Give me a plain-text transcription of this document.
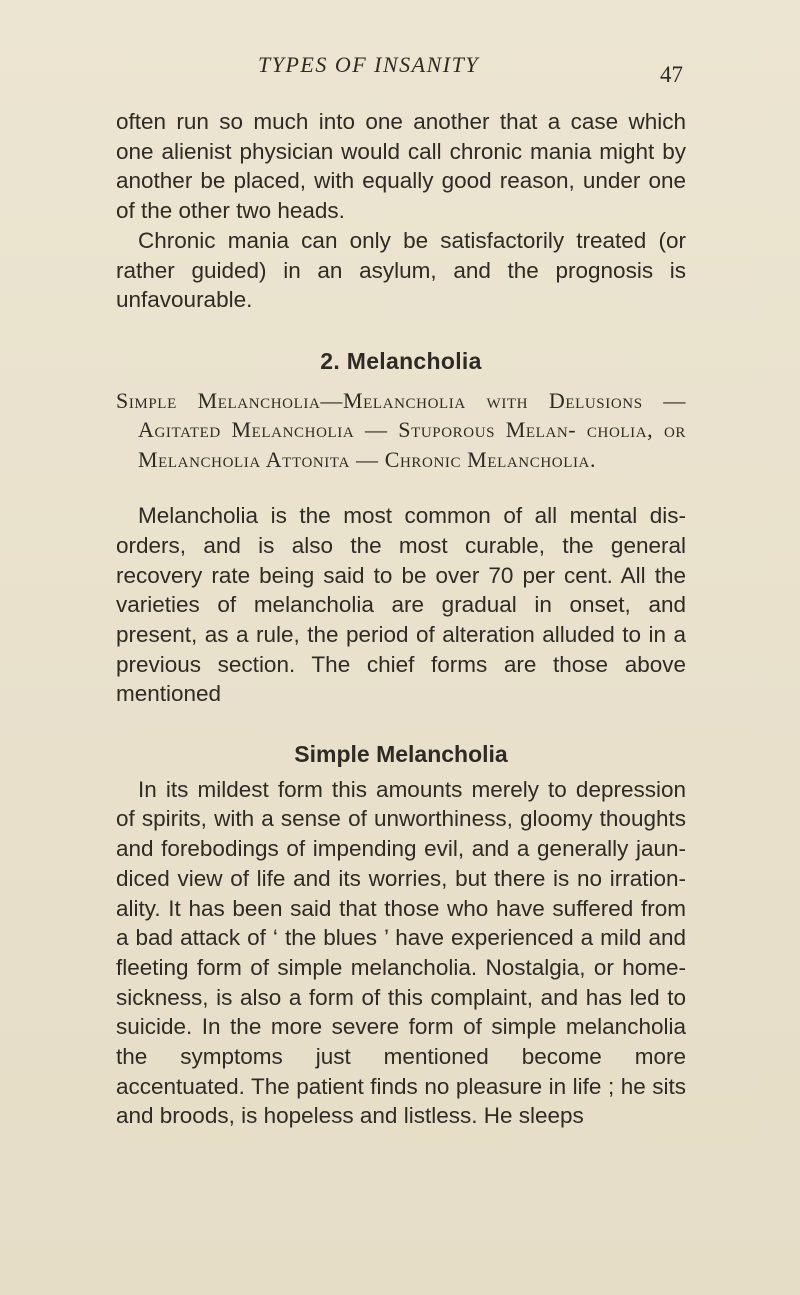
TYPES OF INSANITY	47

often run so much into one another that a case which one alienist physician would call chronic mania might by another be placed, with equally good reason, under one of the other two heads.

Chronic mania can only be satisfactorily treated (or rather guided) in an asylum, and the prognosis is unfavourable.

2. Melancholia
Simple Melancholia—Melancholia with Delusions —Agitated Melancholia — Stuporous Melan- cholia, or Melancholia Attonita — Chronic Melancholia.

Melancholia is the most common of all mental dis- orders, and is also the most curable, the general recovery rate being said to be over 70 per cent. All the varieties of melancholia are gradual in onset, and present, as a rule, the period of alteration alluded to in a previous section. The chief forms are those above mentioned

Simple Melancholia

In its mildest form this amounts merely to depression of spirits, with a sense of unworthiness, gloomy thoughts and forebodings of impending evil, and a generally jaun- diced view of life and its worries, but there is no irration- ality. It has been said that those who have suffered from a bad attack of ‘ the blues ’ have experienced a mild and fleeting form of simple melancholia. Nostalgia, or home-sickness, is also a form of this complaint, and has led to suicide. In the more severe form of simple melancholia the symptoms just mentioned become more accentuated. The patient finds no pleasure in life ; he sits and broods, is hopeless and listless. He sleeps
